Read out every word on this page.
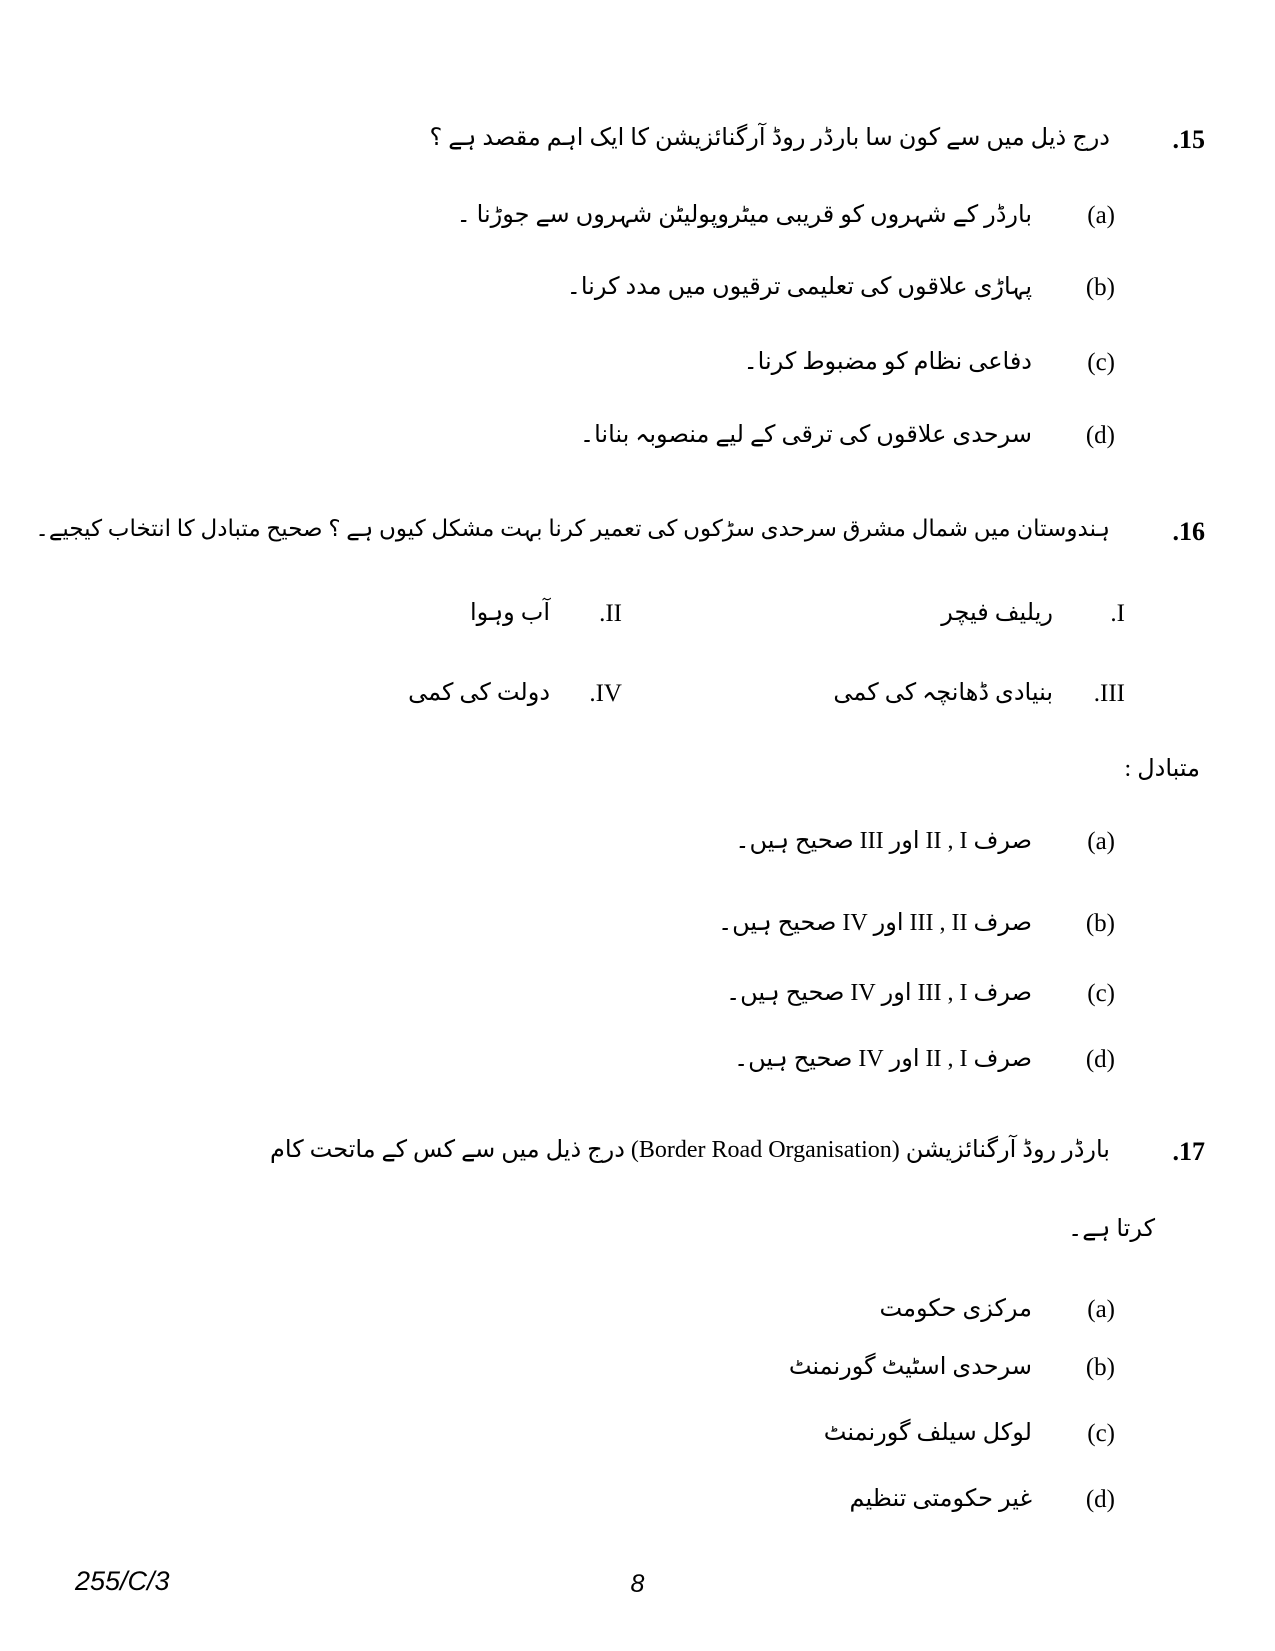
15.
درج ذیل میں سے کون سا بارڈر روڈ آرگنائزیشن کا ایک اہم مقصد ہے ؟
(a)
بارڈر کے شہروں کو قریبی میٹروپولیٹن شہروں سے جوڑنا ۔
(b)
پہاڑی علاقوں کی تعلیمی ترقیوں میں مدد کرنا۔
(c)
دفاعی نظام کو مضبوط کرنا۔
(d)
سرحدی علاقوں کی ترقی کے لیے منصوبہ بنانا۔
16.
ہندوستان میں شمال مشرق سرحدی سڑکوں کی تعمیر کرنا بہت مشکل کیوں ہے ؟ صحیح متبادل کا انتخاب کیجیے۔
I.
ریلیف فیچر
II.
آب وہوا
III.
بنیادی ڈھانچہ کی کمی
IV.
دولت کی کمی
متبادل :
(a)
صرف I‏ , II‏ اور III‏ صحیح ہیں۔
(b)
صرف II‏ , III‏ اور IV‏ صحیح ہیں۔
(c)
صرف I‏ , III‏ اور IV‏ صحیح ہیں۔
(d)
صرف I‏ , II‏ اور IV‏ صحیح ہیں۔
17.
بارڈر روڈ آرگنائزیشن (Border Road Organisation) درج ذیل میں سے کس کے ماتحت کام
کرتا ہے۔
(a)
مرکزی حکومت
(b)
سرحدی اسٹیٹ گورنمنٹ
(c)
لوکل سیلف گورنمنٹ
(d)
غیر حکومتی تنظیم
255/C/3	8
